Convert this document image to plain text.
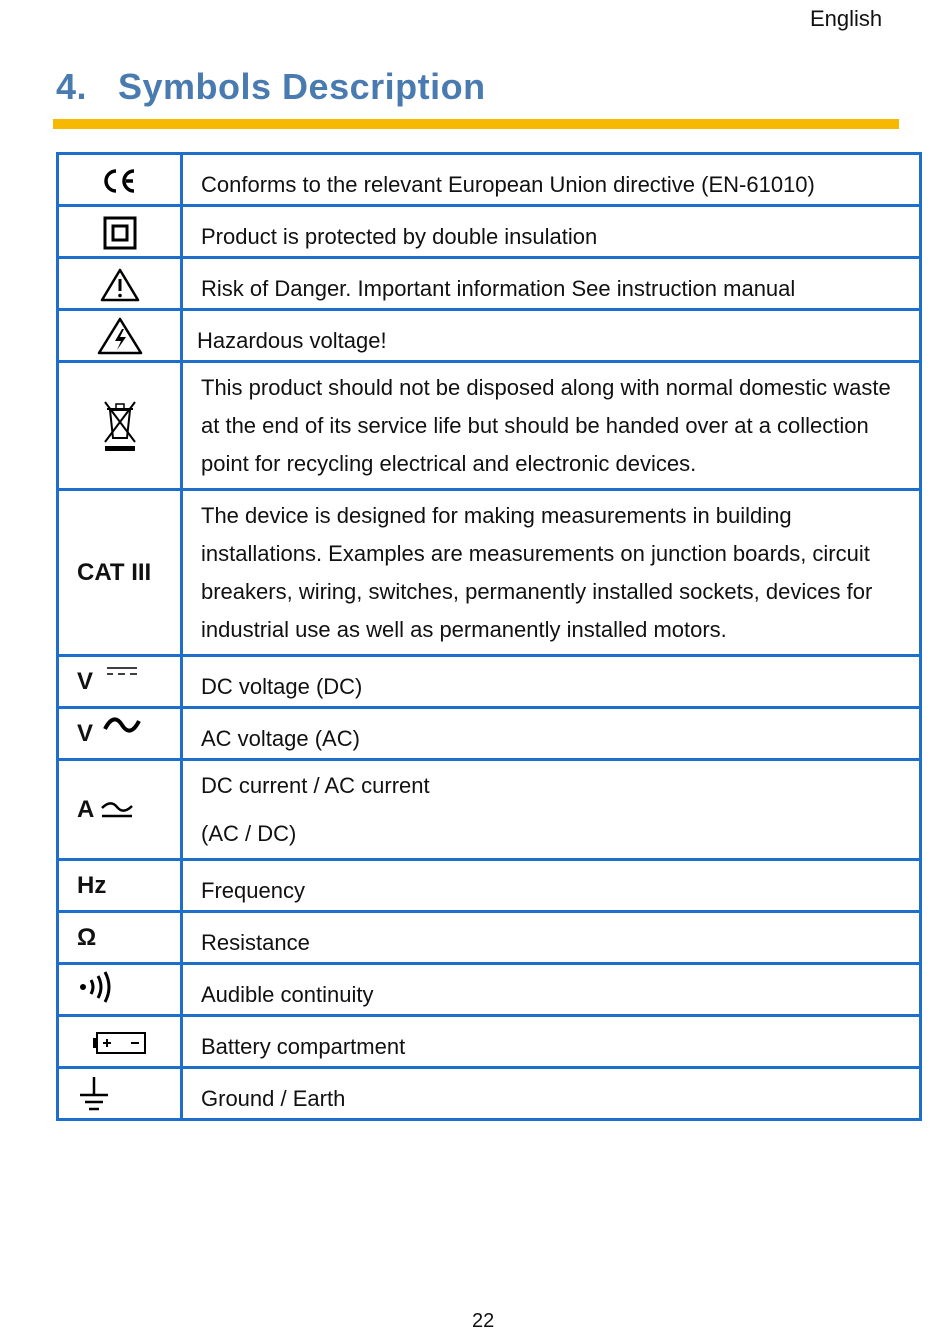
English
4. Symbols Description
	Conforms to the relevant European Union directive (EN-61010)
	Product is protected by double insulation
	Risk of Danger. Important information See instruction manual
	Hazardous voltage!
	This product should not be disposed along with normal domestic waste at the end of its service life but should be handed over at a collection point for recycling electrical and electronic devices.
CAT III	The device is designed for making measurements in building installations. Examples are measurements on junction boards, circuit breakers, wiring, switches, permanently installed sockets, devices for industrial use as well as permanently installed motors.
V	DC voltage (DC)
V	AC voltage (AC)
A	DC current / AC current
(AC / DC)

Hz	Frequency
Ω	Resistance
	Audible continuity
	Battery compartment
	Ground / Earth
22
